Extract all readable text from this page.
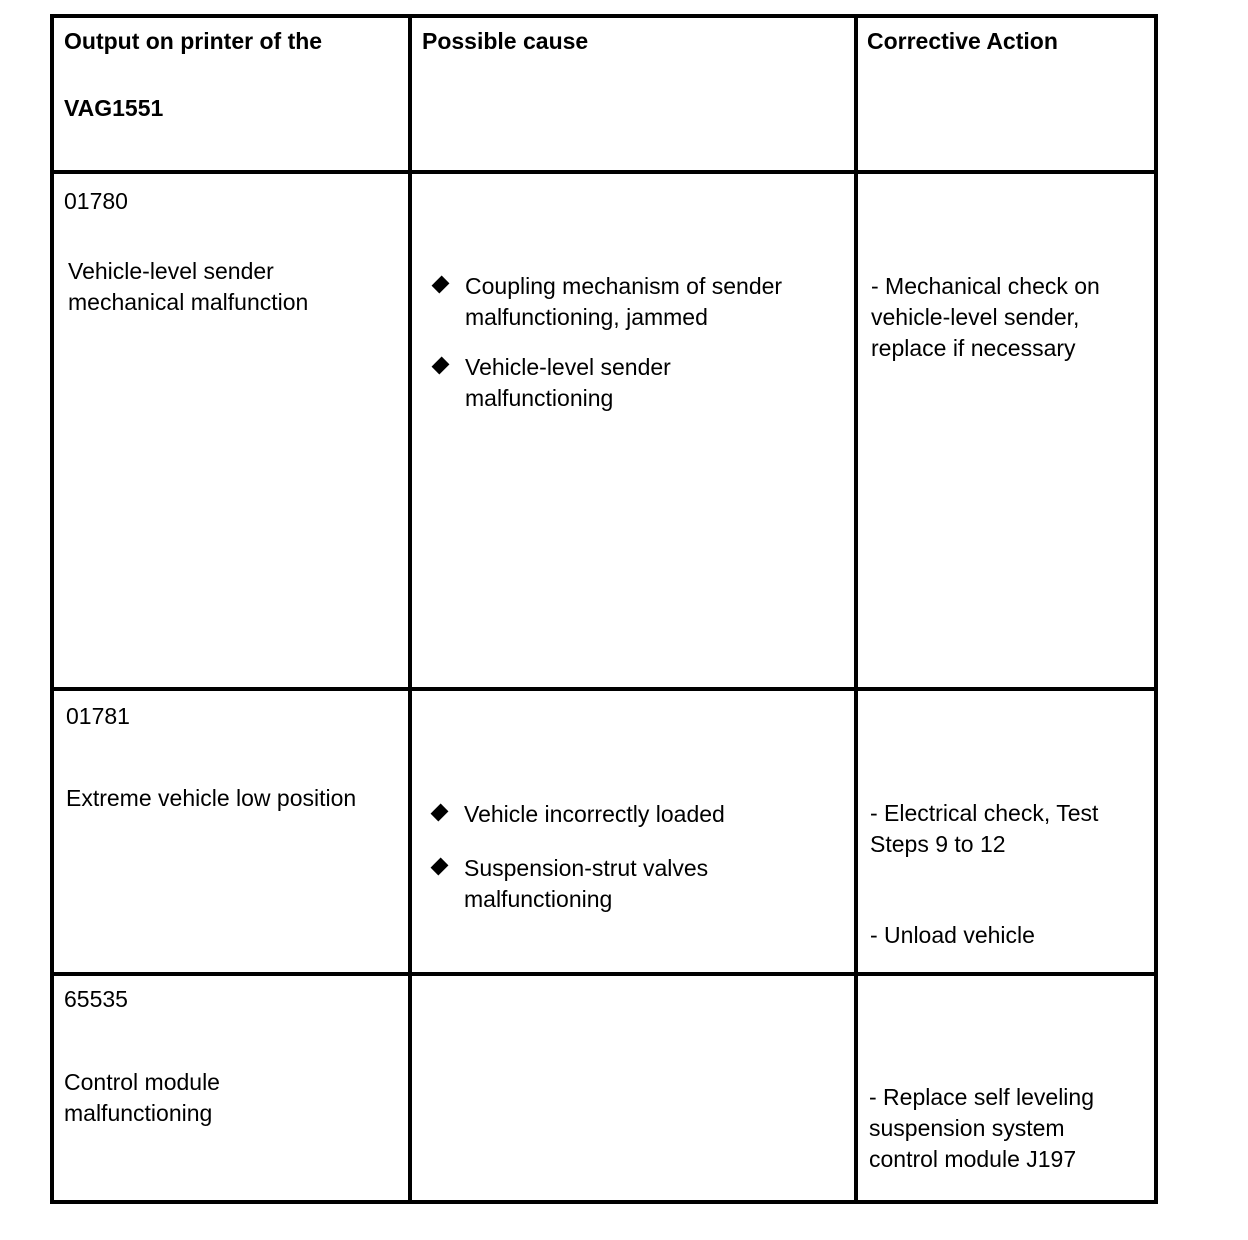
Output on printer of the
VAG1551
Possible cause	Corrective Action
01780
Vehicle-level sender mechanical malfunction
Coupling mechanism of sender malfunctioning, jammed
Vehicle-level sender malfunctioning
- Mechanical check on vehicle-level sender, replace if necessary
01781
Extreme vehicle low position
Vehicle incorrectly loaded
Suspension-strut valves malfunctioning
- Electrical check, Test Steps 9 to 12
- Unload vehicle
65535
Control module malfunctioning
- Replace self leveling suspension system control module J197
